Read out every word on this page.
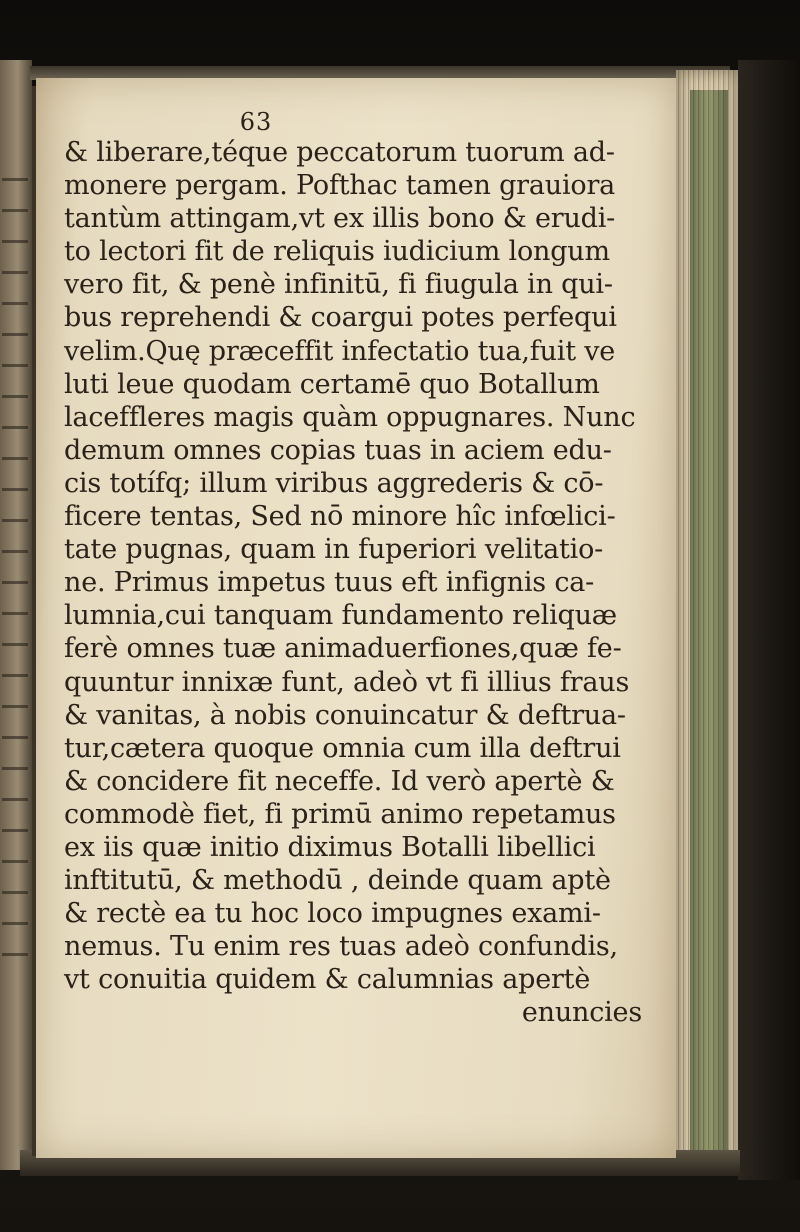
63
& liberare,téque peccatorum tuorum ad-
monere pergam. Pofthac tamen grauiora
tantùm attingam,vt ex illis bono & erudi-
to lectori fit de reliquis iudicium longum
vero fit, & penè infinitū, fi fiugula in qui-
bus reprehendi & coargui potes perfequi
velim.Quę præceffit infectatio tua,fuit ve
luti leue quodam certamē quo Botallum
laceffleres magis quàm oppugnares. Nunc
demum omnes copias tuas in aciem edu-
cis totífq; illum viribus aggrederis & cō-
ficere tentas, Sed nō minore hîc infœlici-
tate pugnas, quam in fuperiori velitatio-
ne. Primus impetus tuus eft infignis ca-
lumnia,cui tanquam fundamento reliquæ
ferè omnes tuæ animaduerfiones,quæ fe-
quuntur innixæ funt, adeò vt fi illius fraus
& vanitas, à nobis conuincatur & deftrua-
tur,cætera quoque omnia cum illa deftrui
& concidere fit neceffe. Id verò apertè &
commodè fiet, fi primū animo repetamus
ex iis quæ initio diximus Botalli libellici
inftitutū, & methodū , deinde quam aptè
& rectè ea tu hoc loco impugnes exami-
nemus. Tu enim res tuas adeò confundis,
vt conuitia quidem & calumnias apertè
enuncies
